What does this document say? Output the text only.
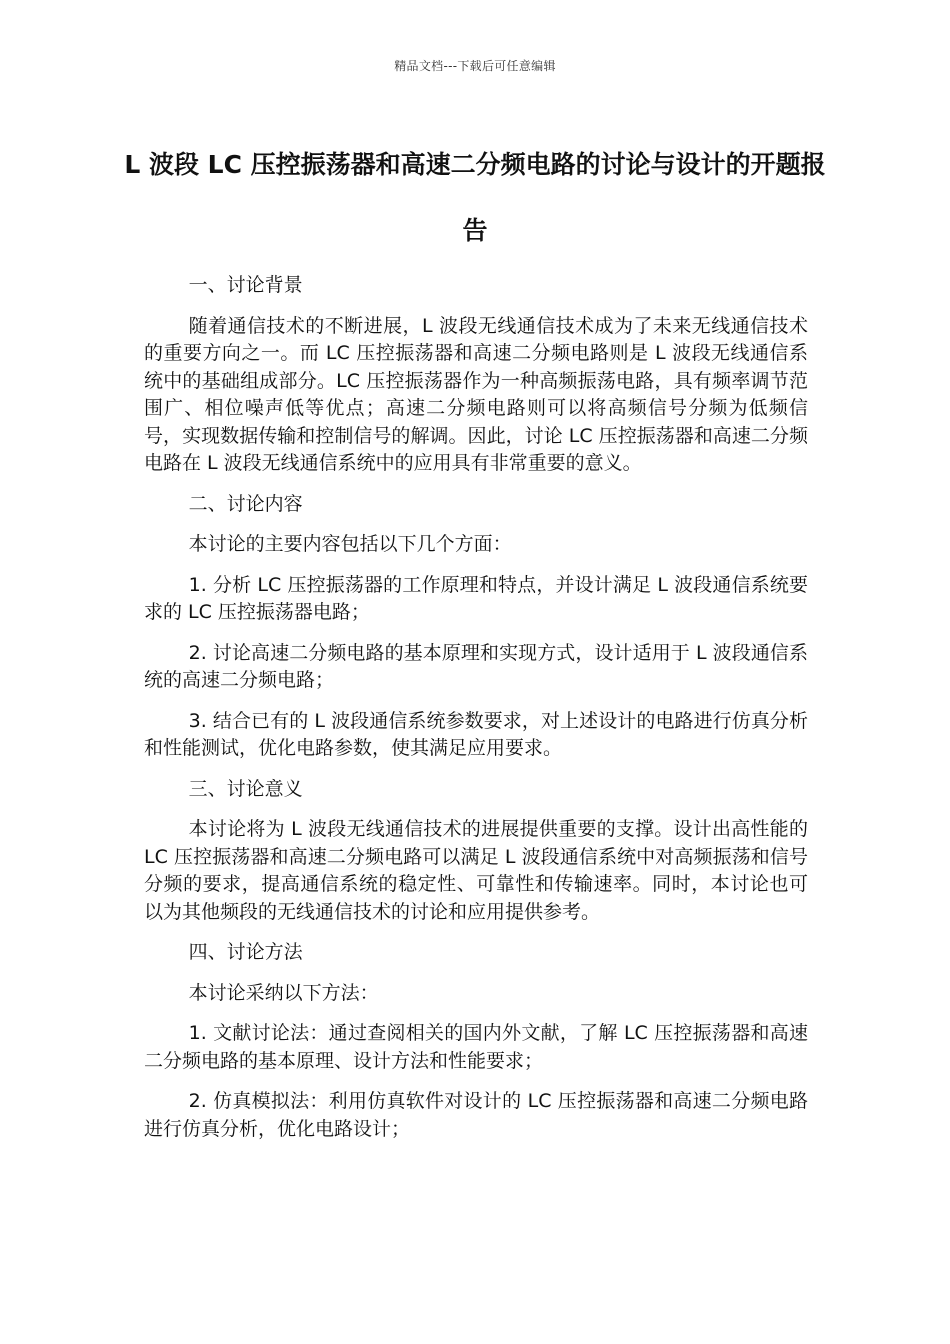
精品文档---下载后可任意编辑
L 波段 LC 压控振荡器和高速二分频电路的讨论与设计的开题报告
一、讨论背景

随着通信技术的不断进展，L 波段无线通信技术成为了未来无线通信技术的重要方向之一。而 LC 压控振荡器和高速二分频电路则是 L 波段无线通信系统中的基础组成部分。LC 压控振荡器作为一种高频振荡电路，具有频率调节范围广、相位噪声低等优点；高速二分频电路则可以将高频信号分频为低频信号，实现数据传输和控制信号的解调。因此，讨论 LC 压控振荡器和高速二分频电路在 L 波段无线通信系统中的应用具有非常重要的意义。

二、讨论内容

本讨论的主要内容包括以下几个方面：

1. 分析 LC 压控振荡器的工作原理和特点，并设计满足 L 波段通信系统要求的 LC 压控振荡器电路；

2. 讨论高速二分频电路的基本原理和实现方式，设计适用于 L 波段通信系统的高速二分频电路；

3. 结合已有的 L 波段通信系统参数要求，对上述设计的电路进行仿真分析和性能测试，优化电路参数，使其满足应用要求。

三、讨论意义

本讨论将为 L 波段无线通信技术的进展提供重要的支撑。设计出高性能的 LC 压控振荡器和高速二分频电路可以满足 L 波段通信系统中对高频振荡和信号分频的要求，提高通信系统的稳定性、可靠性和传输速率。同时，本讨论也可以为其他频段的无线通信技术的讨论和应用提供参考。

四、讨论方法

本讨论采纳以下方法：

1. 文献讨论法：通过查阅相关的国内外文献，了解 LC 压控振荡器和高速二分频电路的基本原理、设计方法和性能要求；

2. 仿真模拟法：利用仿真软件对设计的 LC 压控振荡器和高速二分频电路进行仿真分析，优化电路设计；
